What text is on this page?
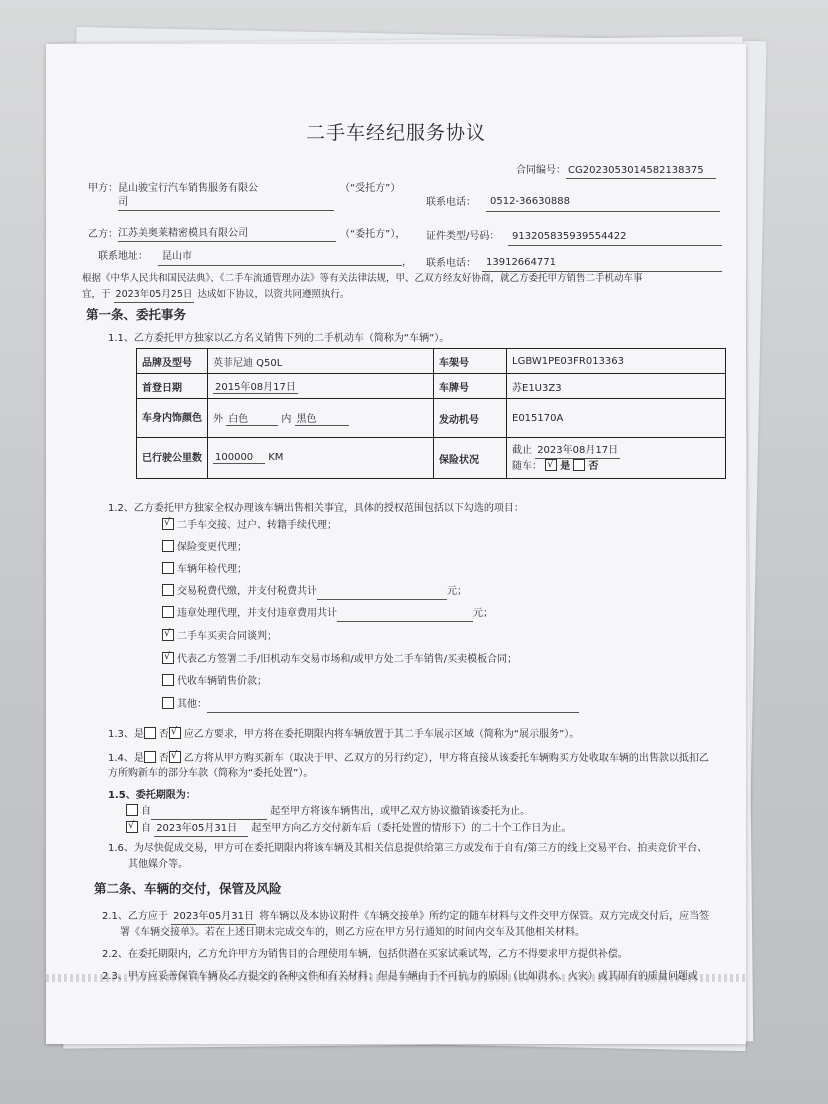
二手车经纪服务协议
合同编号： CG2023053014582138375
甲方： 昆山骏宝行汽车销售服务有限公
司
（“受托方”）
联系电话： 0512-36630888
乙方： 江苏美奥莱精密模具有限公司	（“委托方”）， 证件类型/号码： 913205835939554422
联系地址： 昆山市
， 联系电话： 13912664771
根据《中华人民共和国民法典》、《二手车流通管理办法》等有关法律法规，甲、乙双方经友好协商，就乙方委托甲方销售二手机动车事
宜，于 2023年05月25日 达成如下协议，以资共同遵照执行。
第一条、委托事务
1.1、乙方委托甲方独家以乙方名义销售下列的二手机动车（简称为“车辆”）。
品牌及型号	英菲尼迪 Q50L	车架号	LGBW1PE03FR013363
首登日期	2015年08月17日	车牌号	苏E1U3Z3
车身内饰颜色	外 白色 内 黑色	发动机号	E015170A
已行驶公里数	100000 KM	保险状况	截止 2023年08月17日
随车： √ 是 否
1.2、乙方委托甲方独家全权办理该车辆出售相关事宜，具体的授权范围包括以下勾选的项目：
√二手车交接、过户、转籍手续代理；
保险变更代理；
车辆年检代理；
交易税费代缴，并支付税费共计	元；
违章处理代理，并支付违章费用共计	元；
√二手车买卖合同谈判；
√代表乙方签署二手/旧机动车交易市场和/或甲方处二手车销售/买卖模板合同；
代收车辆销售价款；
其他：
1.3、是 否 √ 应乙方要求，甲方将在委托期限内将车辆放置于其二手车展示区域（简称为“展示服务”）。
1.4、是 否 √ 乙方将从甲方购买新车（取决于甲、乙双方的另行约定），甲方将直接从该委托车辆购买方处收取车辆的出售款以抵扣乙
方所购新车的部分车款（简称为“委托处置”）。
1.5、委托期限为：
自	起至甲方将该车辆售出，或甲乙双方协议撤销该委托为止。
√自 2023年05月31日 起至甲方向乙方交付新车后（委托处置的情形下）的二十个工作日为止。
1.6、为尽快促成交易，甲方可在委托期限内将该车辆及其相关信息提供给第三方或发布于自有/第三方的线上交易平台、拍卖竞价平台、
其他媒介等。
第二条、车辆的交付，保管及风险
2.1、乙方应于 2023年05月31日 将车辆以及本协议附件《车辆交接单》所约定的随车材料与文件交甲方保管。双方完成交付后，应当签
署《车辆交接单》。若在上述日期未完成交车的，则乙方应在甲方另行通知的时间内交车及其他相关材料。
2.2、在委托期限内，乙方允许甲方为销售目的合理使用车辆，包括供潜在买家试乘试驾，乙方不得要求甲方提供补偿。
2.3、甲方应妥善保管车辆及乙方提交的各种文件和有关材料；但是车辆由于不可抗力的原因（比如洪水、火灾）或其固有的质量问题或
